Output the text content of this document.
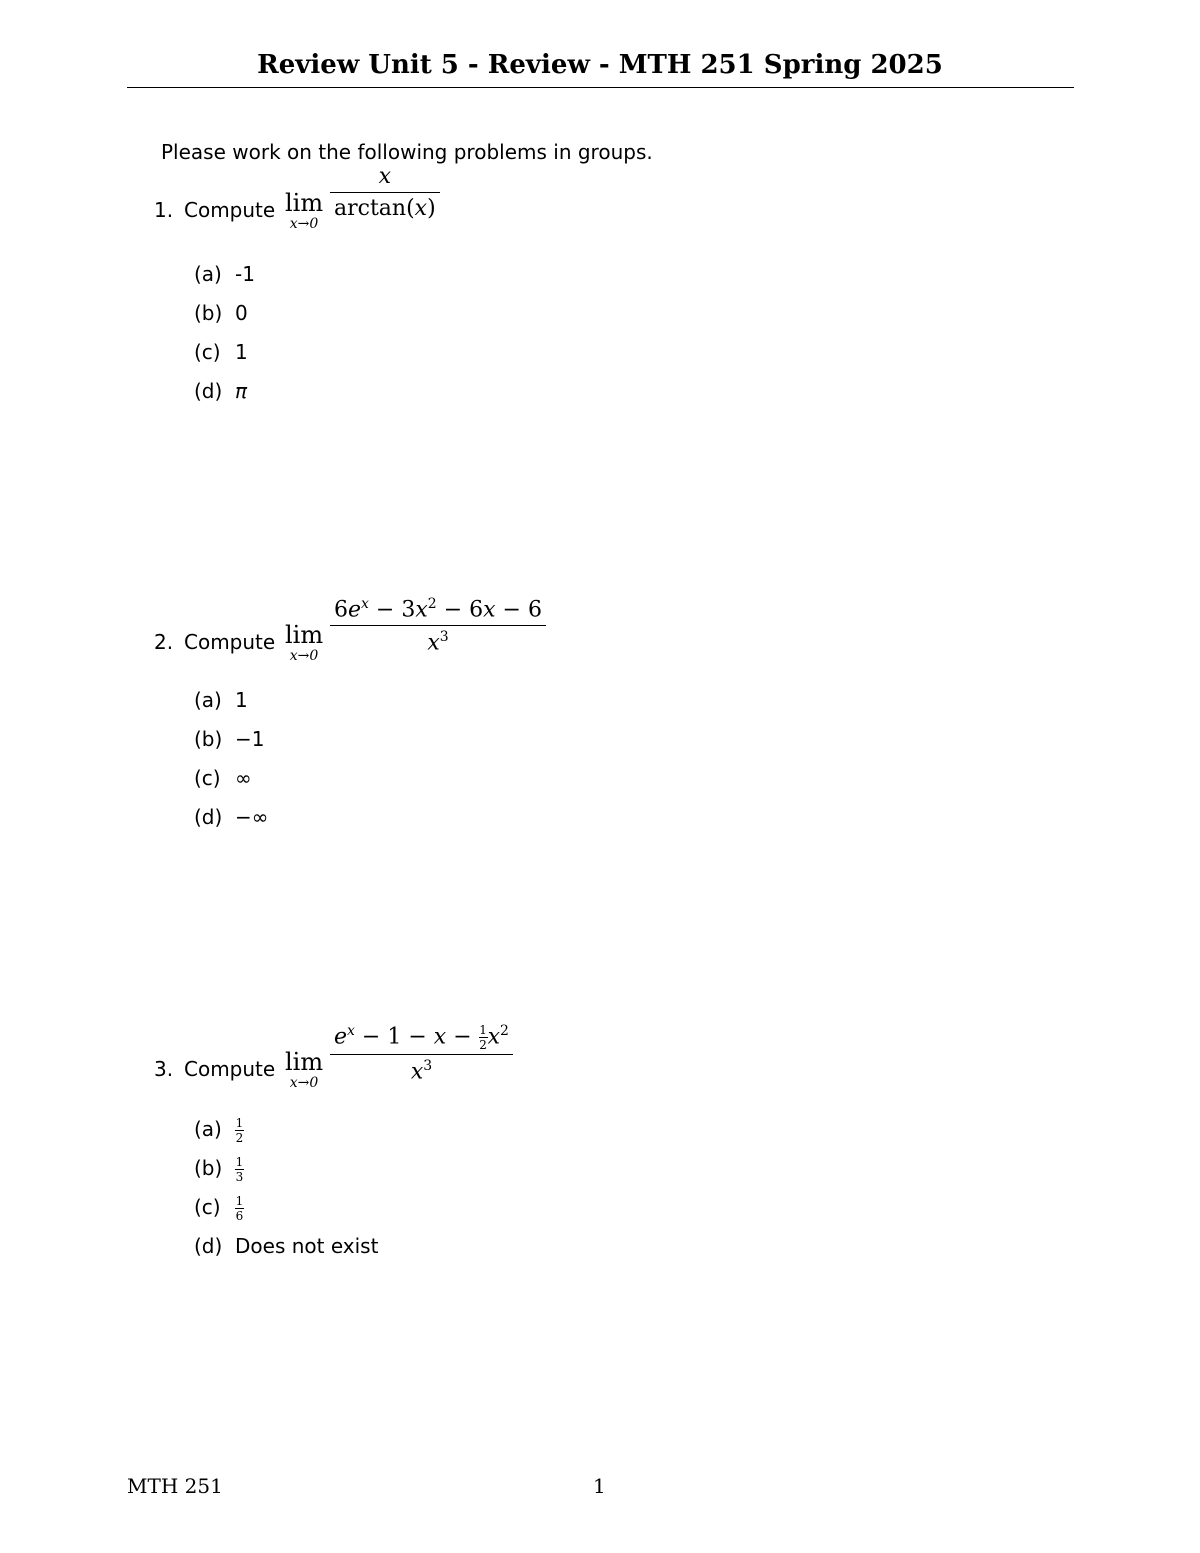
Review Unit 5 - Review - MTH 251 Spring 2025
Please work on the following problems in groups.
1. Compute lim
x→0
x
arctan(x)
(a) -1
(b) 0
(c) 1
(d) π
2. Compute lim
x→0
$6e^x - 3x^2 - 6x - 6$
$x^3$
(a) 1
(b) −1
(c) ∞
(d) −∞
3. Compute lim
x→0
$e^x - 1 - x - \frac{1}{2} x^2$
$x^3$
$(a) \frac{1}{2}$
$(b) \frac{1}{3}$
$(c) \frac{1}{6}$
(d) Does not exist
MTH 251	1
